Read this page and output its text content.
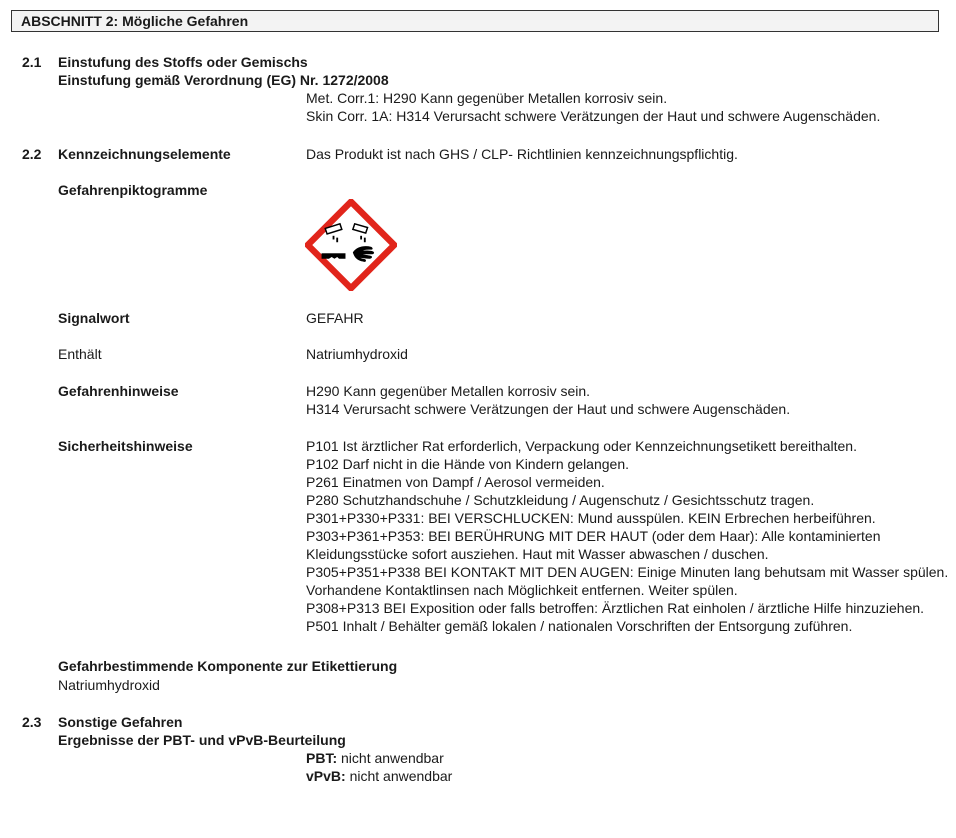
ABSCHNITT 2: Mögliche Gefahren
2.1 Einstufung des Stoffs oder Gemischs
Einstufung gemäß Verordnung (EG) Nr. 1272/2008
Met. Corr.1: H290 Kann gegenüber Metallen korrosiv sein.
Skin Corr. 1A: H314 Verursacht schwere Verätzungen der Haut und schwere Augenschäden.
2.2 Kennzeichnungselemente	Das Produkt ist nach GHS / CLP- Richtlinien kennzeichnungspflichtig.
Gefahrenpiktogramme
Signalwort	GEFAHR
Enthält	Natriumhydroxid
Gefahrenhinweise	H290 Kann gegenüber Metallen korrosiv sein.
H314 Verursacht schwere Verätzungen der Haut und schwere Augenschäden.
Sicherheitshinweise	P101 Ist ärztlicher Rat erforderlich, Verpackung oder Kennzeichnungsetikett bereithalten.
P102 Darf nicht in die Hände von Kindern gelangen.
P261 Einatmen von Dampf / Aerosol vermeiden.
P280 Schutzhandschuhe / Schutzkleidung / Augenschutz / Gesichtsschutz tragen.
P301+P330+P331: BEI VERSCHLUCKEN: Mund ausspülen. KEIN Erbrechen herbeiführen.
P303+P361+P353: BEI BERÜHRUNG MIT DER HAUT (oder dem Haar): Alle kontaminierten
Kleidungsstücke sofort ausziehen. Haut mit Wasser abwaschen / duschen.
P305+P351+P338 BEI KONTAKT MIT DEN AUGEN: Einige Minuten lang behutsam mit Wasser spülen.
Vorhandene Kontaktlinsen nach Möglichkeit entfernen. Weiter spülen.
P308+P313 BEI Exposition oder falls betroffen: Ärztlichen Rat einholen / ärztliche Hilfe hinzuziehen.
P501 Inhalt / Behälter gemäß lokalen / nationalen Vorschriften der Entsorgung zuführen.
Gefahrbestimmende Komponente zur Etikettierung
Natriumhydroxid
2.3 Sonstige Gefahren
Ergebnisse der PBT- und vPvB-Beurteilung
PBT: nicht anwendbar
vPvB: nicht anwendbar
